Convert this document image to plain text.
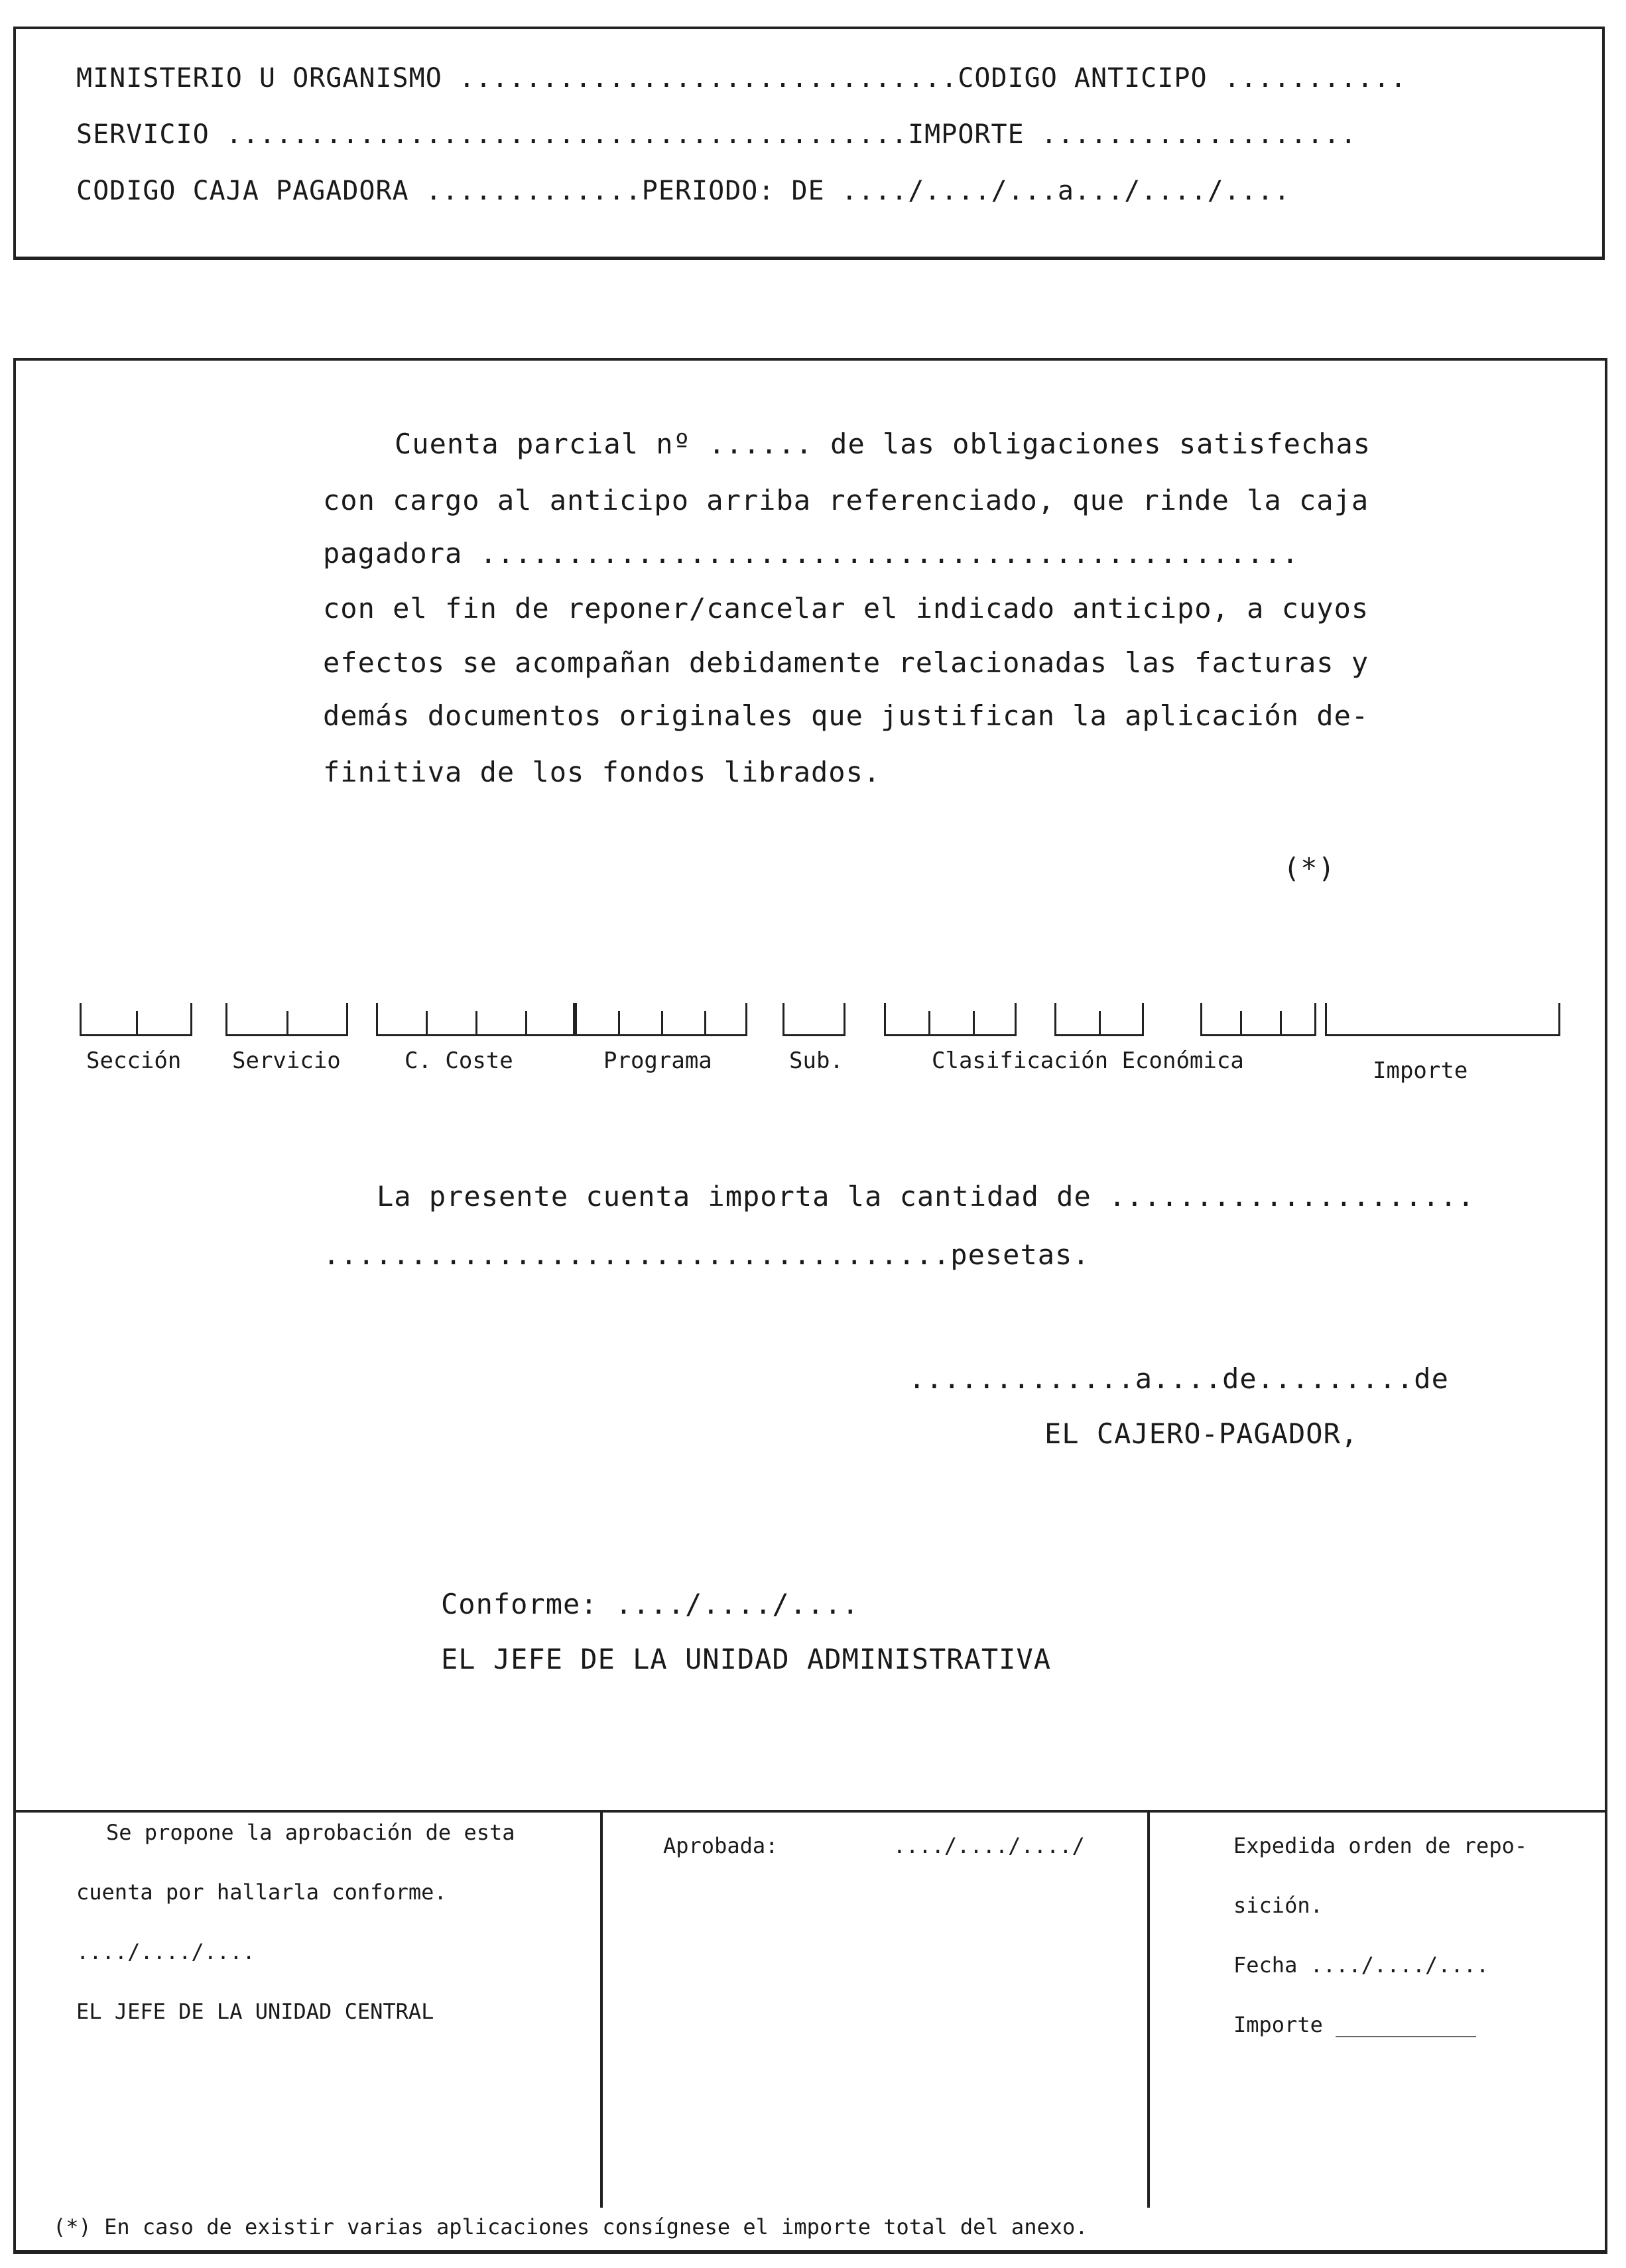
MINISTERIO U ORGANISMO ..............................CODIGO ANTICIPO ...........
SERVICIO .........................................IMPORTE ...................
CODIGO CAJA PAGADORA .............PERIODO: DE ..../..../...a.../..../....
Cuenta parcial nº ...... de las obligaciones satisfechas
con cargo al anticipo arriba referenciado, que rinde la caja
pagadora ...............................................
con el fin de reponer/cancelar el indicado anticipo, a cuyos
efectos se acompañan debidamente relacionadas las facturas y
demás documentos originales que justifican la aplicación de-
finitiva de los fondos librados.
(*)
Sección Servicio	C. Coste	Programa	Sub.	Clasificación Económica	Importe
La presente cuenta importa la cantidad de .....................
....................................pesetas.
.............a....de.........de
EL CAJERO-PAGADOR,
Conforme: ..../..../....
EL JEFE DE LA UNIDAD ADMINISTRATIVA
Se propone la aprobación de esta
cuenta por hallarla conforme.
..../..../....
EL JEFE DE LA UNIDAD CENTRAL
Aprobada:         ..../..../..../	Expedida orden de repo-
sición.
Fecha ..../..../....
Importe ___________
(*) En caso de existir varias aplicaciones consígnese el importe total del anexo.
